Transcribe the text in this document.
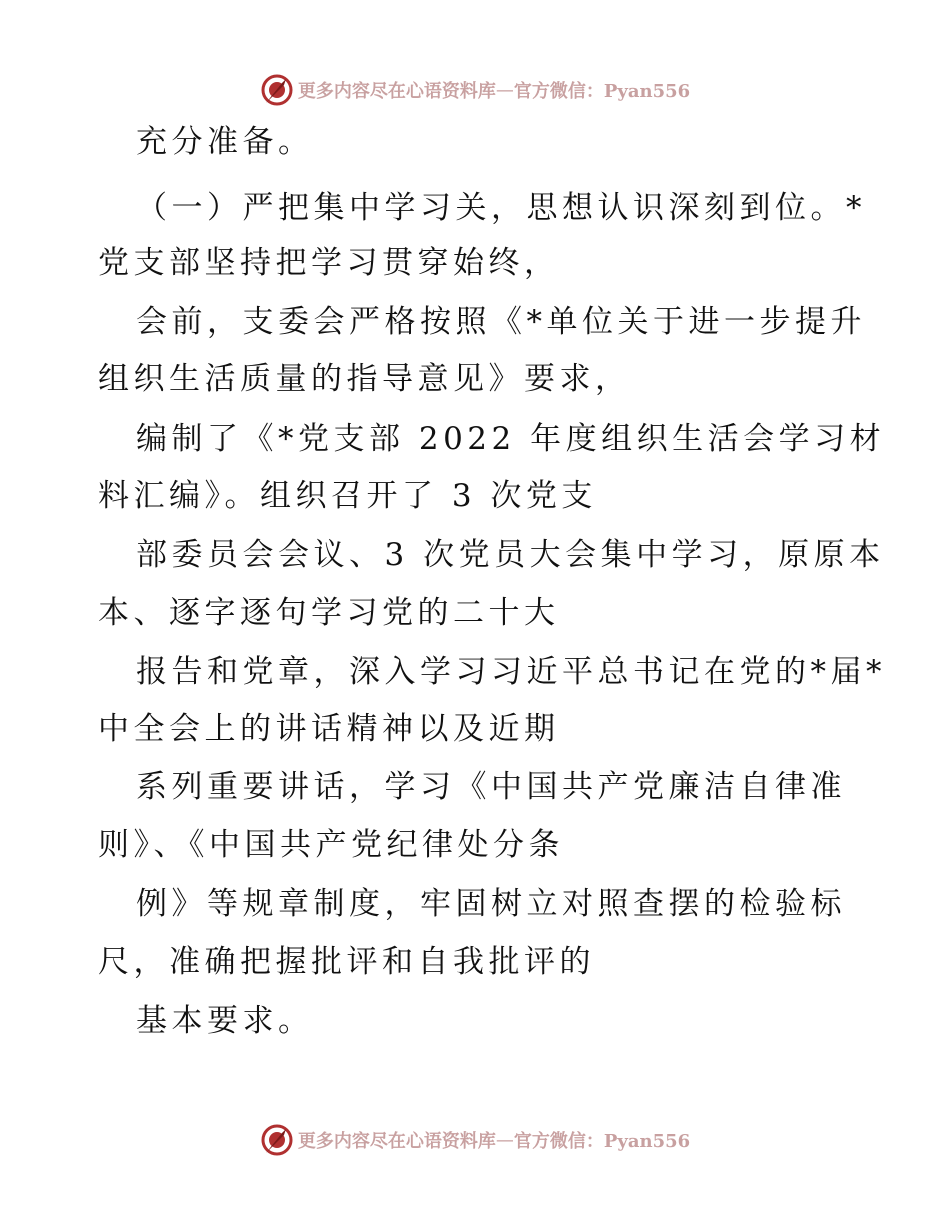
更多内容尽在心语资料库 — 官方微信：Pyan556
充分准备。
（一）严把集中学习关，思想认识深刻到位。*
党支部坚持把学习贯穿始终，
会前，支委会严格按照《*单位关于进一步提升
组织生活质量的指导意见》要求，
编制了《*党支部 2022 年度组织生活会学习材
料汇编》。组织召开了 3 次党支
部委员会会议、3 次党员大会集中学习，原原本
本、逐字逐句学习党的二十大
报告和党章，深入学习习近平总书记在党的*届*
中全会上的讲话精神以及近期
系列重要讲话，学习《中国共产党廉洁自律准
则》、《中国共产党纪律处分条
例》等规章制度，牢固树立对照查摆的检验标
尺，准确把握批评和自我批评的
基本要求。
更多内容尽在心语资料库 — 官方微信：Pyan556
